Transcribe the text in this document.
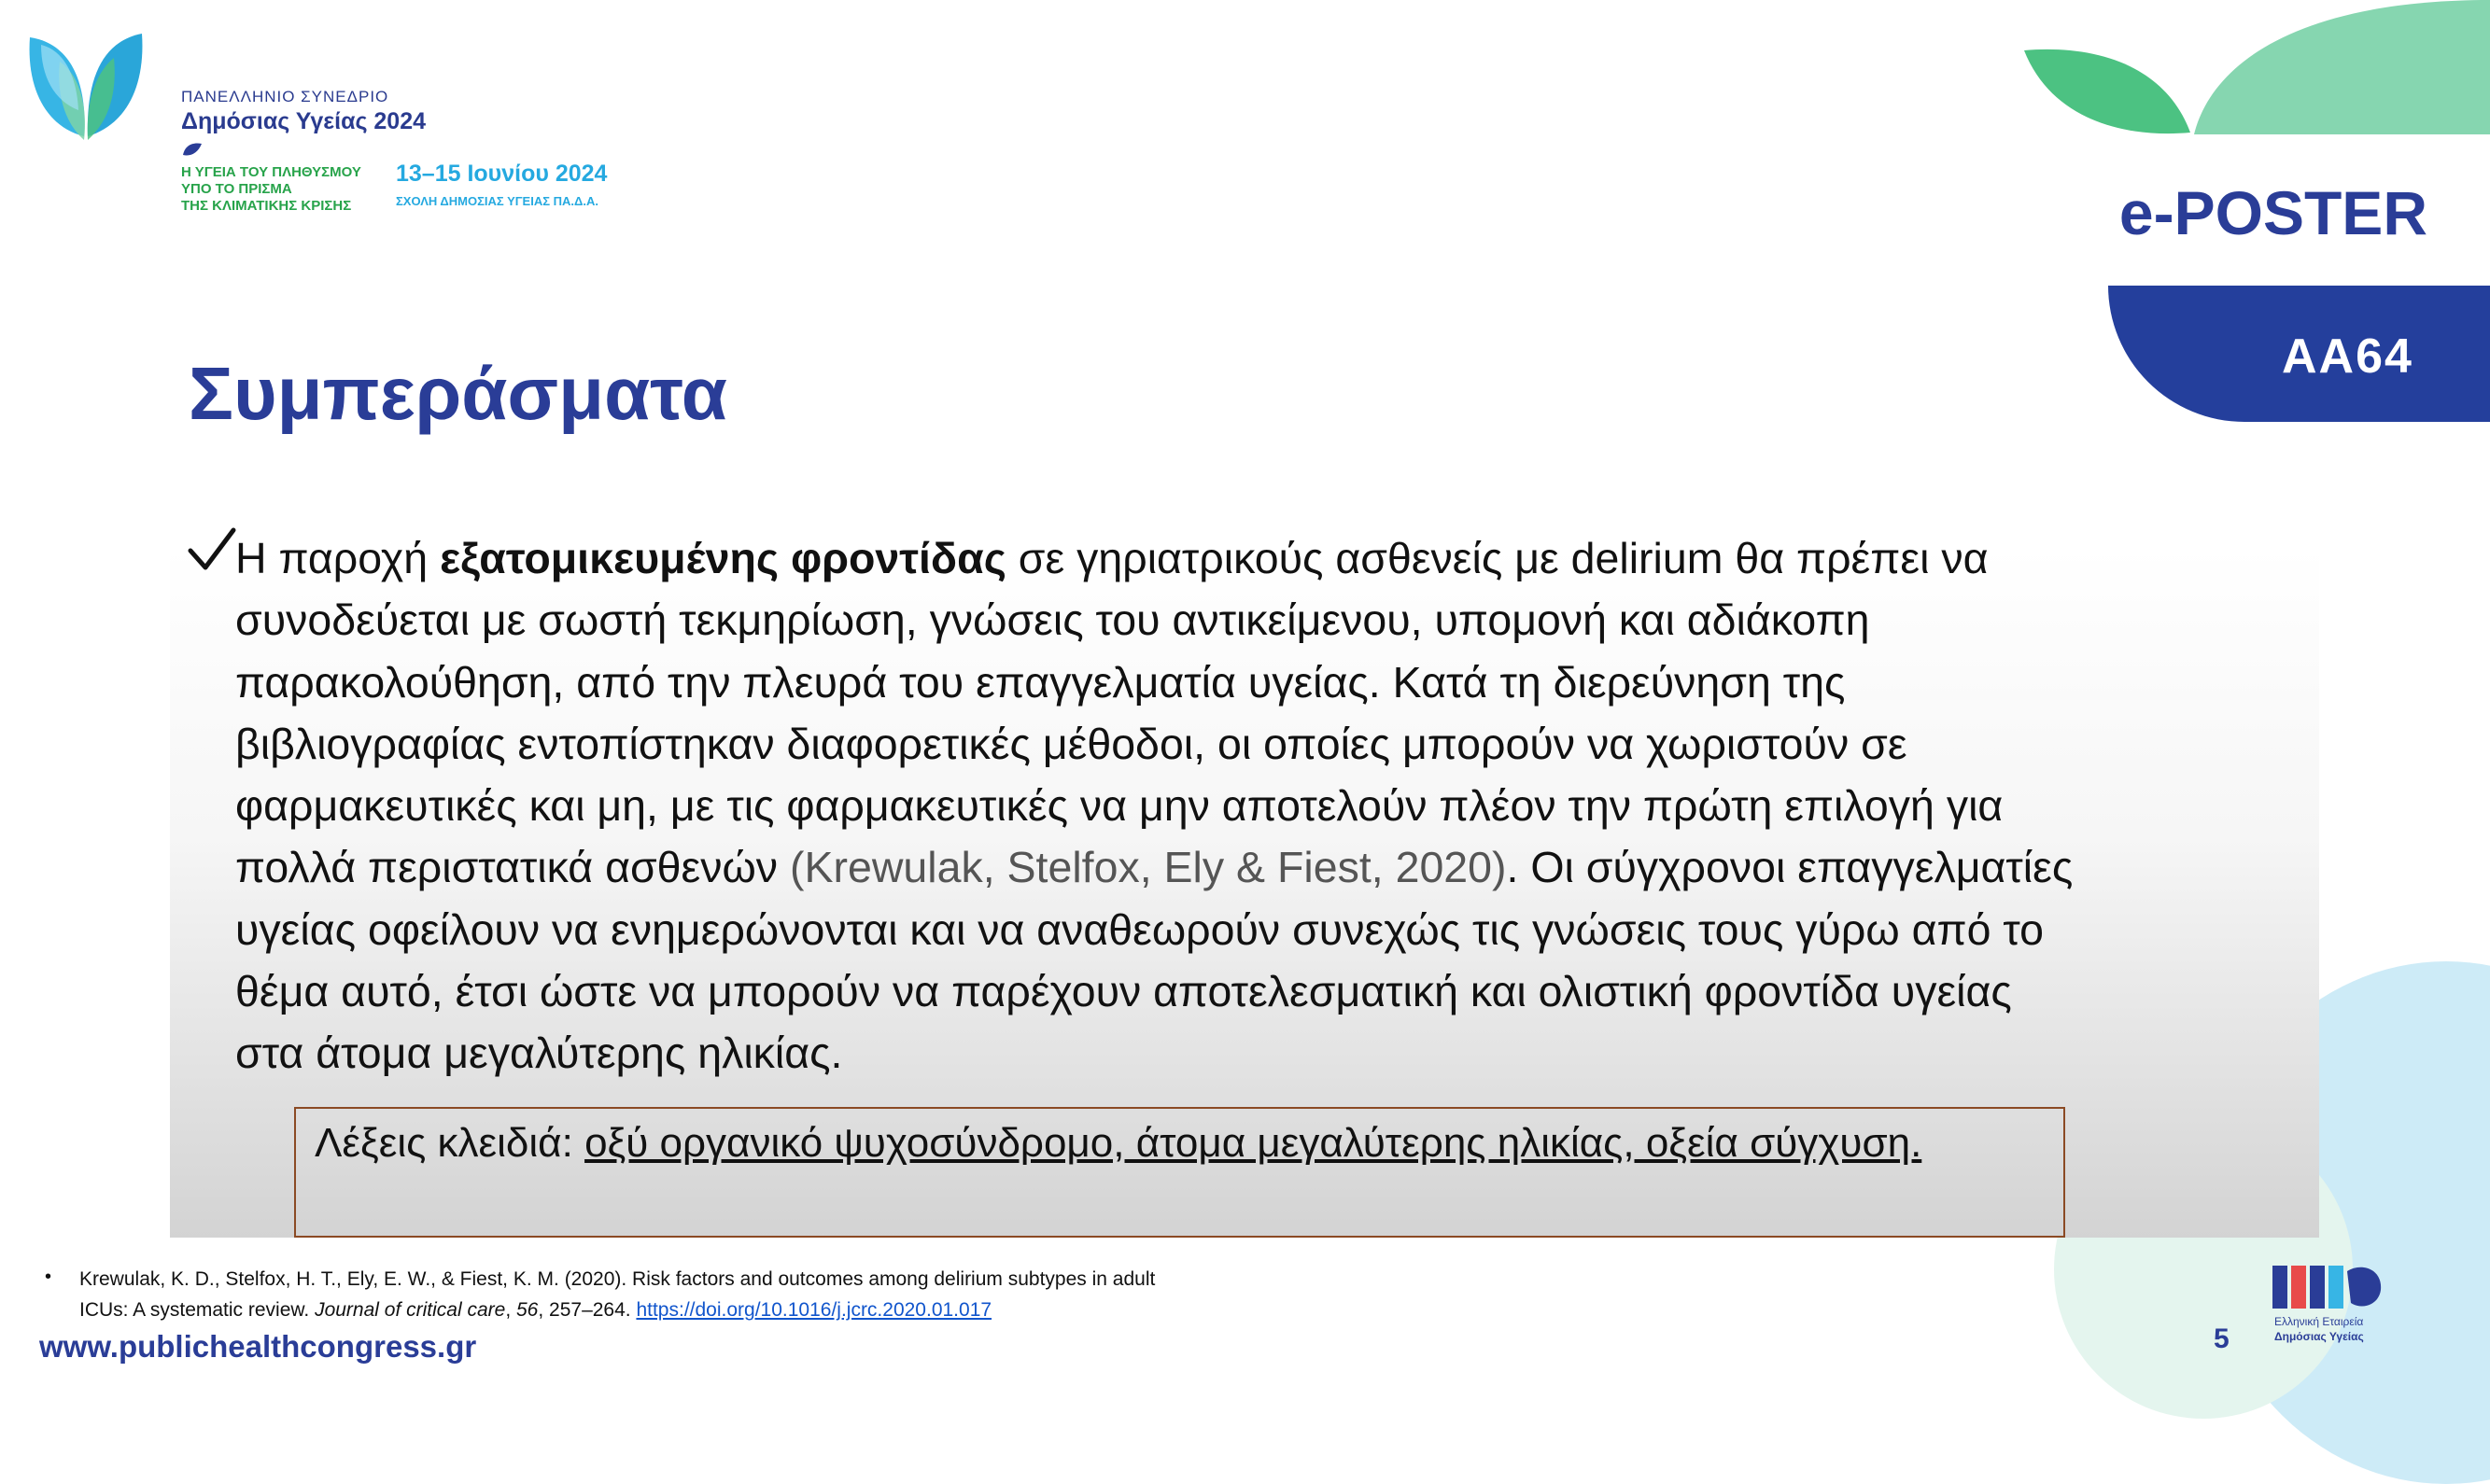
ΠΑΝΕΛΛΗΝΙΟ ΣΥΝΕΔΡΙΟ
Δημόσιας Υγείας 2024
Η ΥΓΕΙΑ ΤΟΥ ΠΛΗΘΥΣΜΟΥ
ΥΠΟ ΤΟ ΠΡΙΣΜΑ
ΤΗΣ ΚΛΙΜΑΤΙΚΗΣ ΚΡΙΣΗΣ
13–15 Ιουνίου 2024
ΣΧΟΛΗ ΔΗΜΟΣΙΑΣ ΥΓΕΙΑΣ ΠΑ.Δ.Α.	e-POSTER
ΑΑ64
Συμπεράσματα
Η παροχή εξατομικευμένης φροντίδας σε γηριατρικούς ασθενείς με delirium θα πρέπει να
συνοδεύεται με σωστή τεκμηρίωση, γνώσεις του αντικείμενου, υπομονή και αδιάκοπη
παρακολούθηση, από την πλευρά του επαγγελματία υγείας. Κατά τη διερεύνηση της
βιβλιογραφίας εντοπίστηκαν διαφορετικές μέθοδοι, οι οποίες μπορούν να χωριστούν σε
φαρμακευτικές και μη, με τις φαρμακευτικές να μην αποτελούν πλέον την πρώτη επιλογή για
πολλά περιστατικά ασθενών (Krewulak, Stelfox, Ely & Fiest, 2020). Οι σύγχρονοι επαγγελματίες
υγείας οφείλουν να ενημερώνονται και να αναθεωρούν συνεχώς τις γνώσεις τους γύρω από το
θέμα αυτό, έτσι ώστε να μπορούν να παρέχουν αποτελεσματική και ολιστική φροντίδα υγείας
στα άτομα μεγαλύτερης ηλικίας.
Λέξεις κλειδιά: οξύ οργανικό ψυχοσύνδρομο, άτομα μεγαλύτερης ηλικίας, οξεία σύγχυση.
• Krewulak, K. D., Stelfox, H. T., Ely, E. W., & Fiest, K. M. (2020). Risk factors and outcomes among delirium subtypes in adult
ICUs: A systematic review. Journal of critical care, 56, 257–264. https://doi.org/10.1016/j.jcrc.2020.01.017
www.publichealthcongress.gr	5
Ελληνική Εταιρεία
Δημόσιας Υγείας
